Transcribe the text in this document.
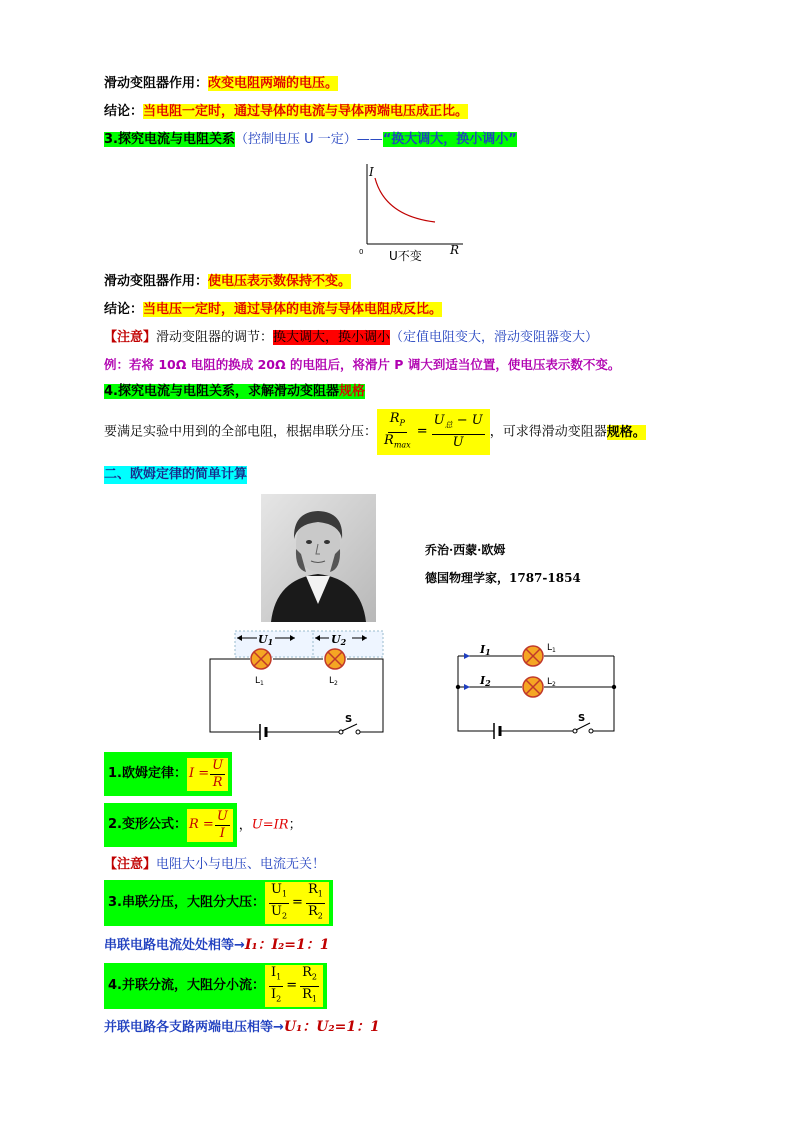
滑动变阻器作用：改变电阻两端的电压。
结论：当电阻一定时，通过导体的电流与导体两端电压成正比。
3.探究电流与电阻关系（控制电压 U 一定）——“换大调大，换小调小”
I
R
0 U不变
滑动变阻器作用：使电压表示数保持不变。
结论：当电压一定时，通过导体的电流与导体电阻成反比。
【注意】滑动变阻器的调节：换大调大，换小调小（定值电阻变大，滑动变阻器变大）
例：若将 10Ω 电阻的换成 20Ω 的电阻后，将滑片 P 调大到适当位置，使电压表示数不变。
4.探究电流与电阻关系，求解滑动变阻器规格
要满足实验中用到的全部电阻，根据串联分压： $\frac{R_P}{R_{max}} = \frac{U_总 - U}{U}$ ，可求得滑动变阻器规格。
二、欧姆定律的简单计算
乔治·西蒙·欧姆
德国物理学家，1787-1854
U1	U2
S
$L_1$	$L_2$
I1
I2
S
$L_1$
$L_2$
1.欧姆定律： $I = \frac{U}{R}$
2.变形公式： $R = \frac{U}{I}$ ，U=IR；
【注意】电阻大小与电压、电流无关！
3.串联分压，大阻分大压： $\frac{U_1}{U_2} = \frac{R_1}{R_2}$
串联电路电流处处相等→I₁：I₂=1：1
4.并联分流，大阻分小流： $\frac{I_1}{I_2} = \frac{R_2}{R_1}$
并联电路各支路两端电压相等→U₁：U₂=1：1
